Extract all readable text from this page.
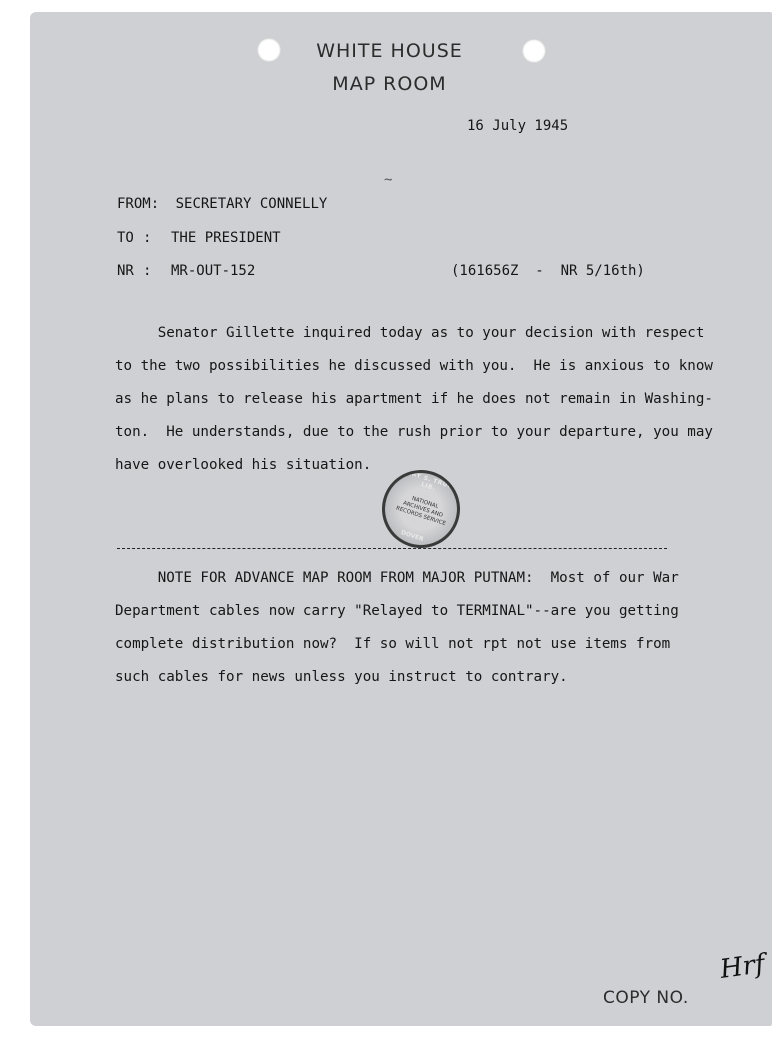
WHITE HOUSE
MAP ROOM
16 July 1945
~
FROM: SECRETARY CONNELLY
TO : THE PRESIDENT
NR : MR-OUT-152	(161656Z  -  NR 5/16th)
Senator Gillette inquired today as to your decision with respect
to the two possibilities he discussed with you.  He is anxious to know
as he plans to release his apartment if he does not remain in Washing-
ton.  He understands, due to the rush prior to your departure, you may
have overlooked his situation.
HARRY S. TRUMAN LIB.
NATIONAL ARCHIVES AND RECORDS SERVICE
DOVER
NOTE FOR ADVANCE MAP ROOM FROM MAJOR PUTNAM:  Most of our War
Department cables now carry "Relayed to TERMINAL"--are you getting
complete distribution now?  If so will not rpt not use items from
such cables for news unless you instruct to contrary.
COPY NO.
Hrf
